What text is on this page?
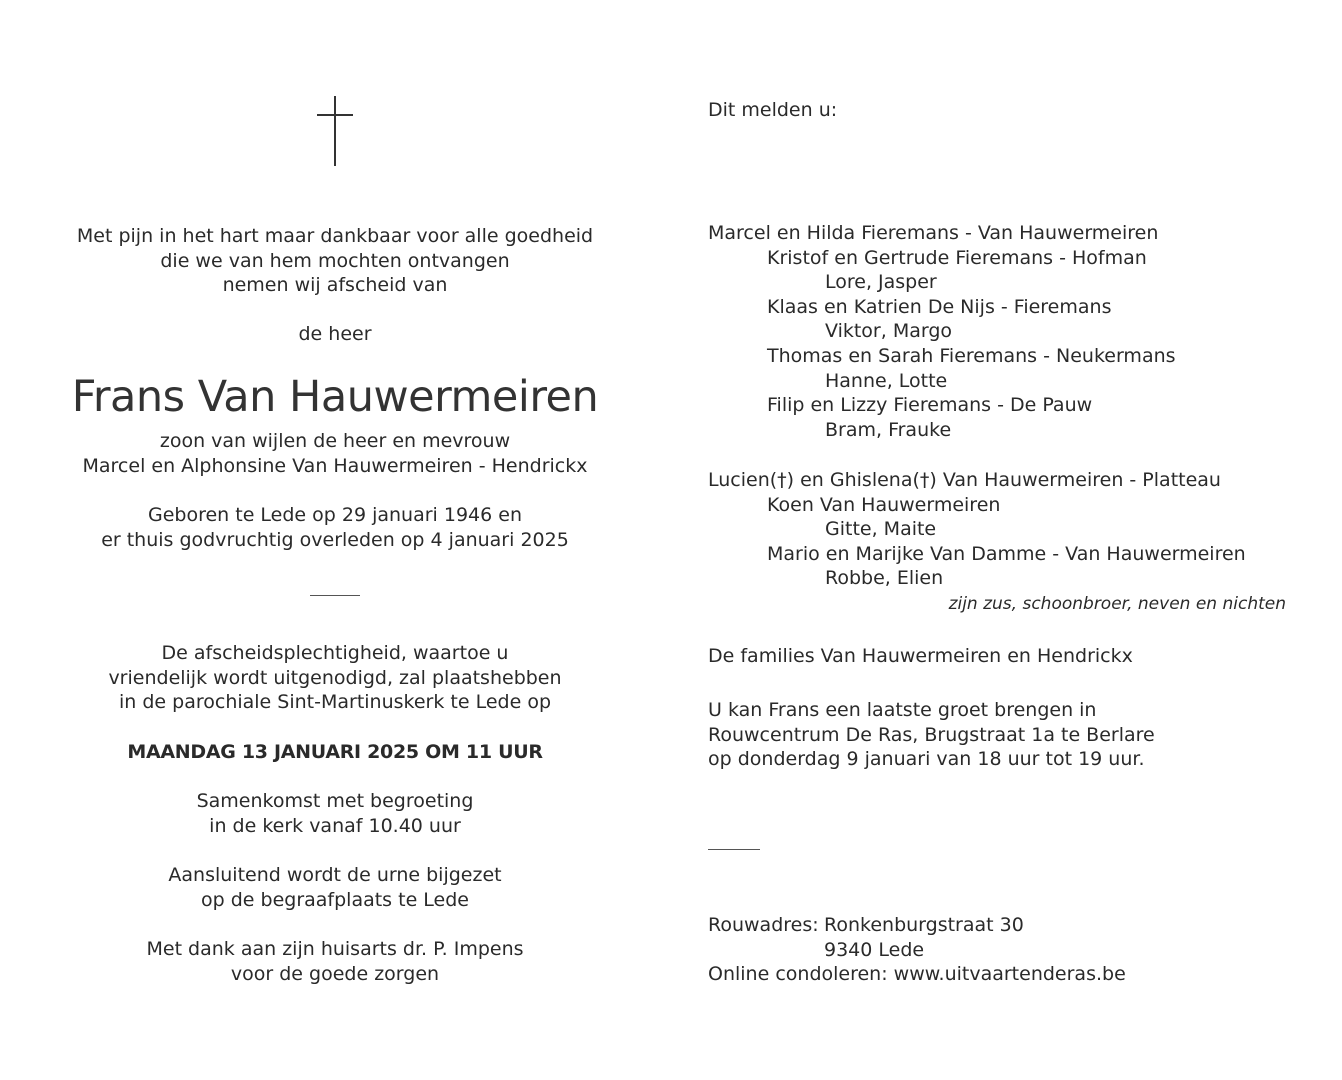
Met pijn in het hart maar dankbaar voor alle goedheid
die we van hem mochten ontvangen
nemen wij afscheid van
de heer
Frans Van Hauwermeiren
zoon van wijlen de heer en mevrouw
Marcel en Alphonsine Van Hauwermeiren - Hendrickx
Geboren te Lede op 29 januari 1946 en
er thuis godvruchtig overleden op 4 januari 2025
De afscheidsplechtigheid, waartoe u
vriendelijk wordt uitgenodigd, zal plaatshebben
in de parochiale Sint-Martinuskerk te Lede op
MAANDAG 13 JANUARI 2025 OM 11 UUR
Samenkomst met begroeting
in de kerk vanaf 10.40 uur
Aansluitend wordt de urne bijgezet
op de begraafplaats te Lede
Met dank aan zijn huisarts dr. P. Impens
voor de goede zorgen
Dit melden u:
Marcel en Hilda Fieremans - Van Hauwermeiren
Kristof en Gertrude Fieremans - Hofman
Lore, Jasper
Klaas en Katrien De Nijs - Fieremans
Viktor, Margo
Thomas en Sarah Fieremans - Neukermans
Hanne, Lotte
Filip en Lizzy Fieremans - De Pauw
Bram, Frauke
Lucien(†) en Ghislena(†) Van Hauwermeiren - Platteau
Koen Van Hauwermeiren
Gitte, Maite
Mario en Marijke Van Damme - Van Hauwermeiren
Robbe, Elien
zijn zus, schoonbroer, neven en nichten
De families Van Hauwermeiren en Hendrickx
U kan Frans een laatste groet brengen in
Rouwcentrum De Ras, Brugstraat 1a te Berlare
op donderdag 9 januari van 18 uur tot 19 uur.
Rouwadres: Ronkenburgstraat 30
9340 Lede
Online condoleren: www.uitvaartenderas.be
